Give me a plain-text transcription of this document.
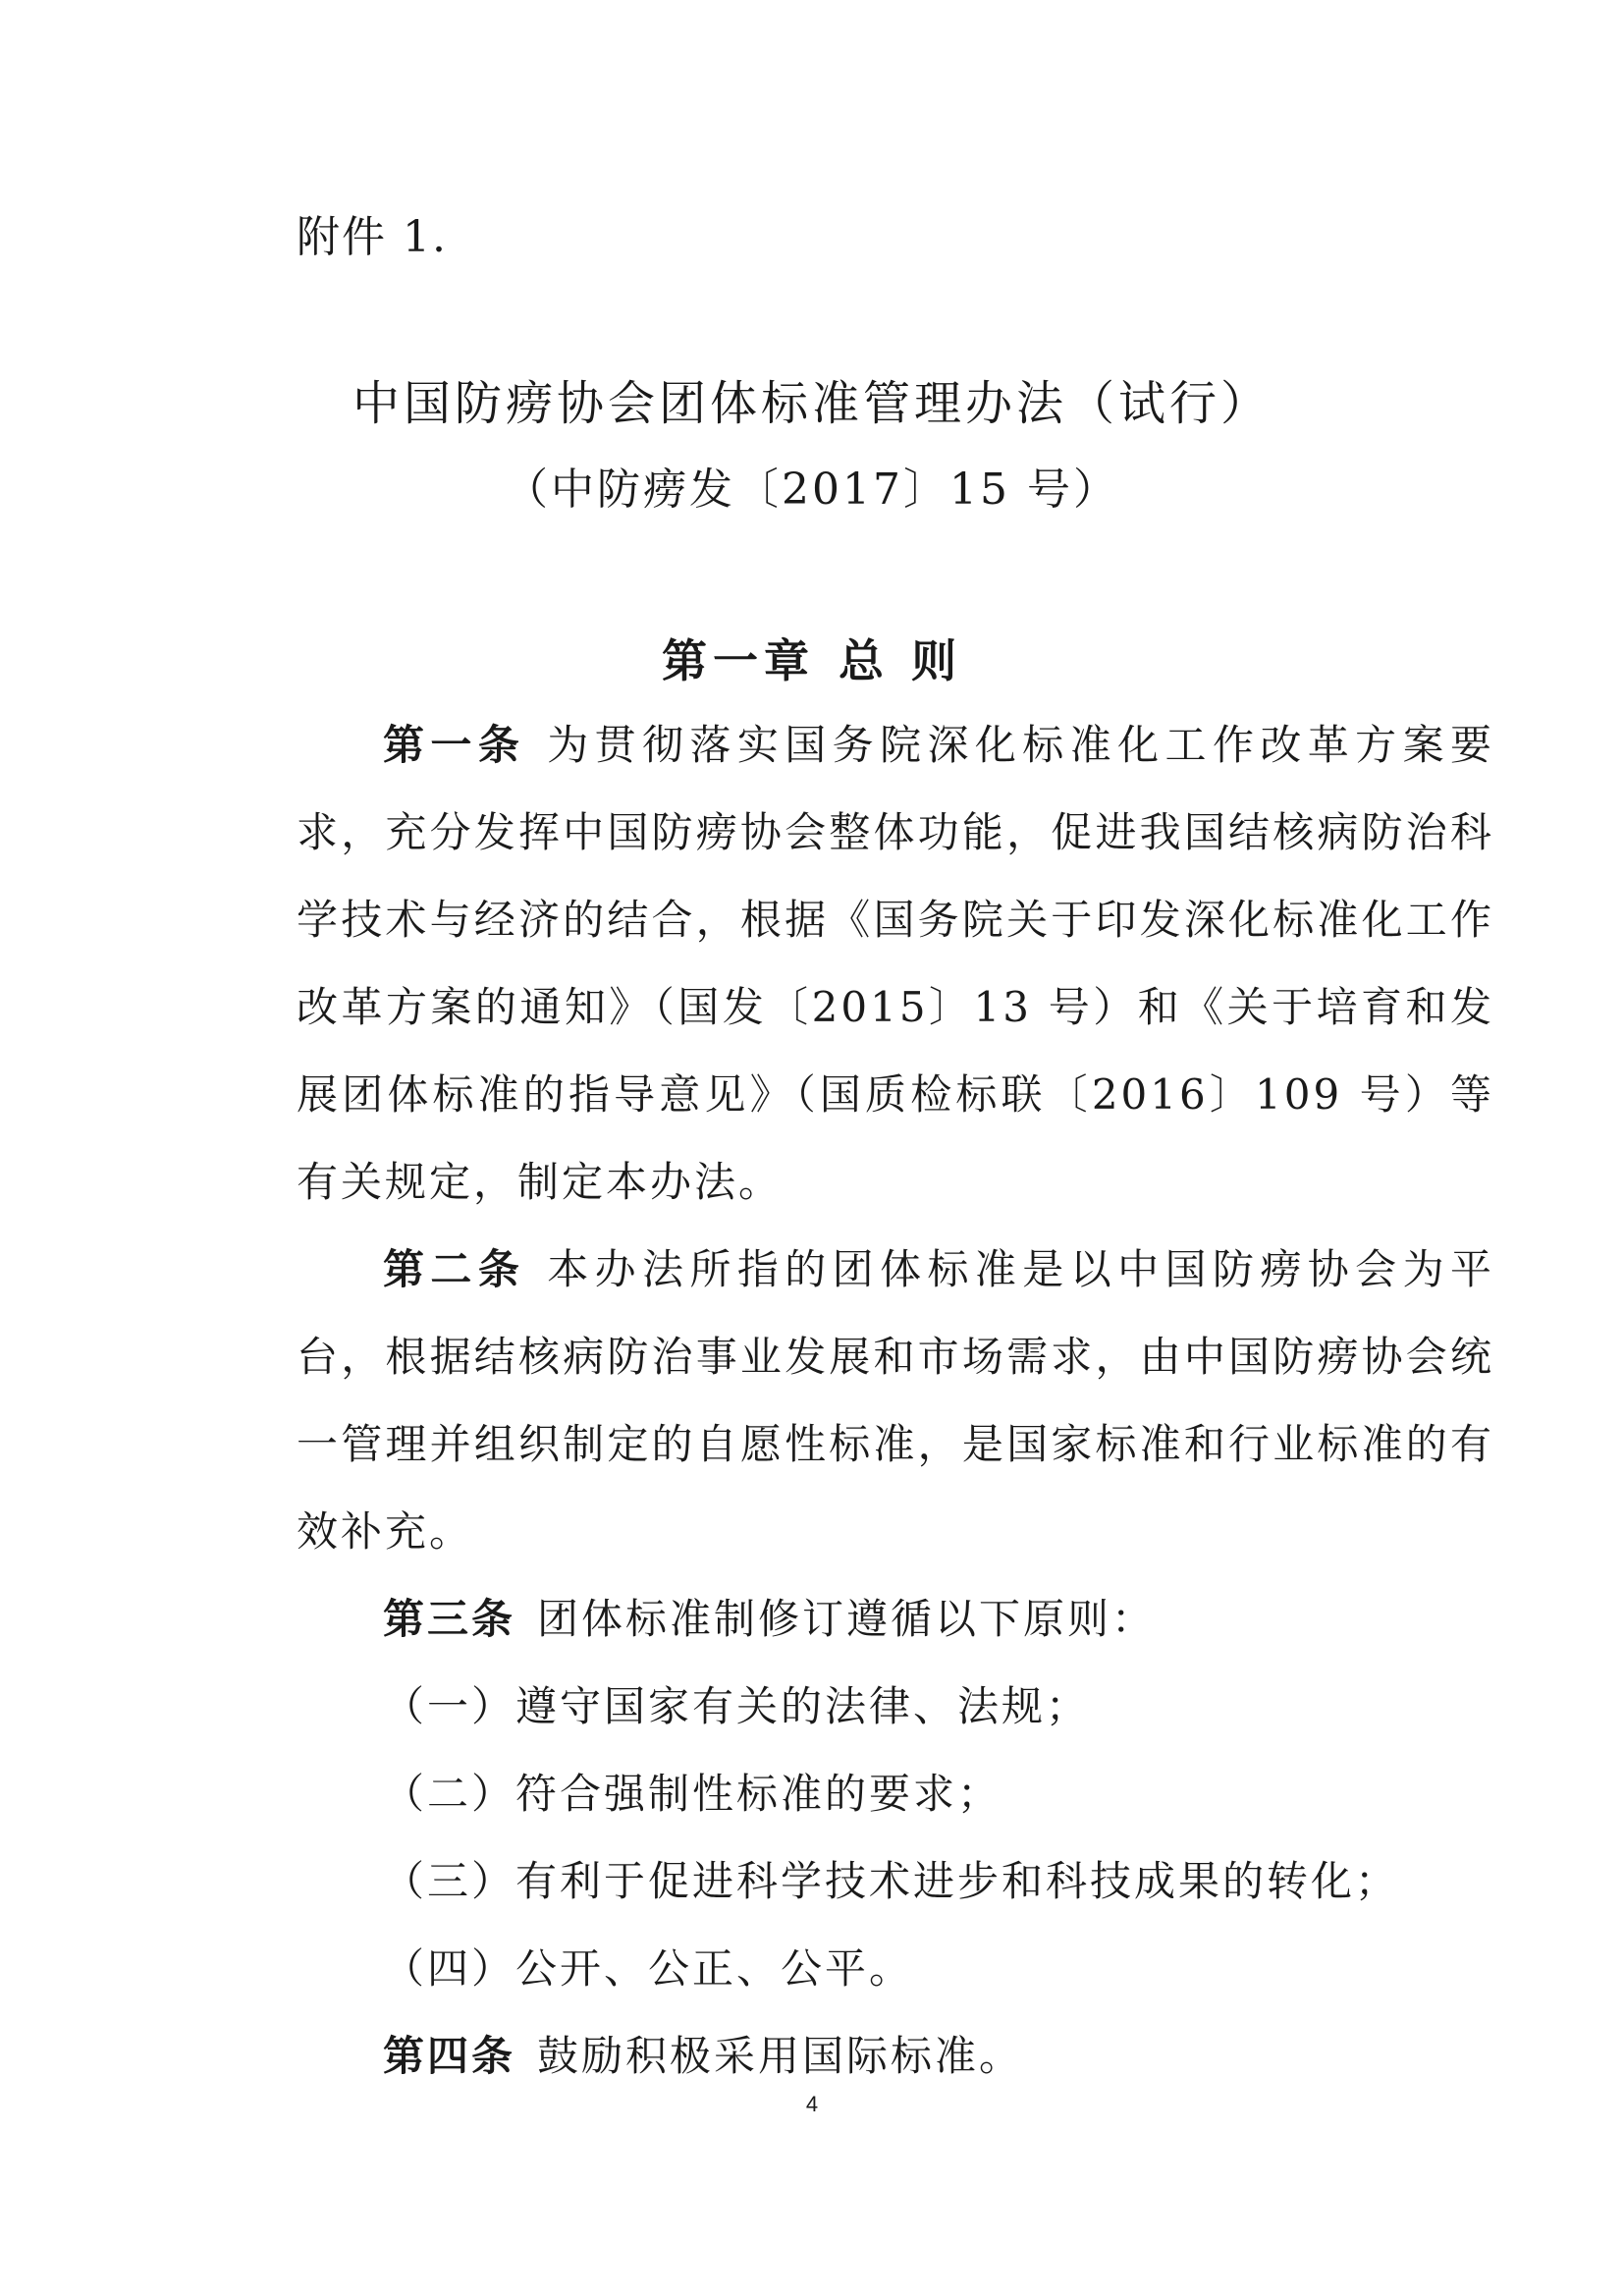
附件 1.
中国防痨协会团体标准管理办法（试行）
（中防痨发〔2017〕15 号）
第一章 总 则

第一条 为贯彻落实国务院深化标准化工作改革方案要求，充分发挥中国防痨协会整体功能，促进我国结核病防治科学技术与经济的结合，根据《国务院关于印发深化标准化工作改革方案的通知》（国发〔2015〕13 号）和《关于培育和发展团体标准的指导意见》（国质检标联〔2016〕109 号）等有关规定，制定本办法。

第二条 本办法所指的团体标准是以中国防痨协会为平台，根据结核病防治事业发展和市场需求，由中国防痨协会统一管理并组织制定的自愿性标准，是国家标准和行业标准的有效补充。

第三条 团体标准制修订遵循以下原则：

（一）遵守国家有关的法律、法规；

（二）符合强制性标准的要求；

（三）有利于促进科学技术进步和科技成果的转化；

（四）公开、公正、公平。

第四条 鼓励积极采用国际标准。

4
